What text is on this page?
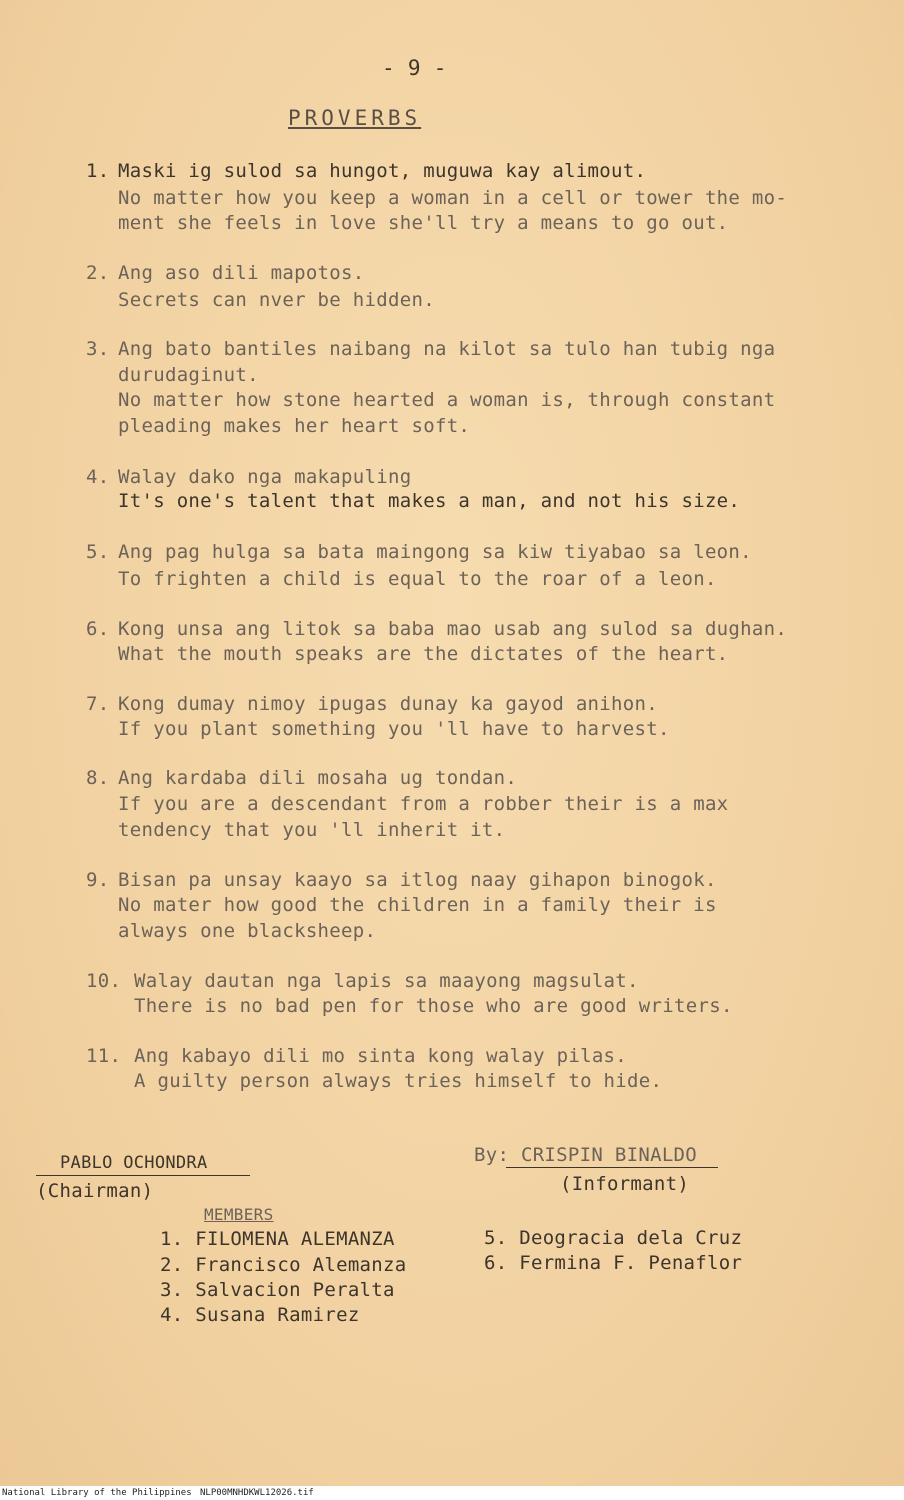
- 9 -
PROVERBS
1. Maski ig sulod sa hungot, muguwa kay alimout.
No matter how you keep a woman in a cell or tower the mo-
ment she feels in love she'll try a means to go out.
2. Ang aso dili mapotos.
Secrets can nver be hidden.
3. Ang bato bantiles naibang na kilot sa tulo han tubig nga
durudaginut.
No matter how stone hearted a woman is, through constant
pleading makes her heart soft.
4. Walay dako nga makapuling
It's one's talent that makes a man, and not his size.
5. Ang pag hulga sa bata maingong sa kiw tiyabao sa leon.
To frighten a child is equal to the roar of a leon.
6. Kong unsa ang litok sa baba mao usab ang sulod sa dughan.
What the mouth speaks are the dictates of the heart.
7. Kong dumay nimoy ipugas dunay ka gayod anihon.
If you plant something you 'll have to harvest.
8. Ang kardaba dili mosaha ug tondan.
If you are a descendant from a robber their is a max
tendency that you 'll inherit it.
9. Bisan pa unsay kaayo sa itlog naay gihapon binogok.
No mater how good the children in a family their is
always one blacksheep.
10. Walay dautan nga lapis sa maayong magsulat.
There is no bad pen for those who are good writers.
11. Ang kabayo dili mo sinta kong walay pilas.
A guilty person always tries himself to hide.
PABLO OCHONDRA
(Chairman)
By: CRISPIN BINALDO
(Informant)
MEMBERS
1. FILOMENA ALEMANZA
2. Francisco Alemanza
3. Salvacion Peralta
4. Susana Ramirez
5. Deogracia dela Cruz
6. Fermina F. Penaflor
National Library of the Philippines NLP00MNHDKWL12026.tif
